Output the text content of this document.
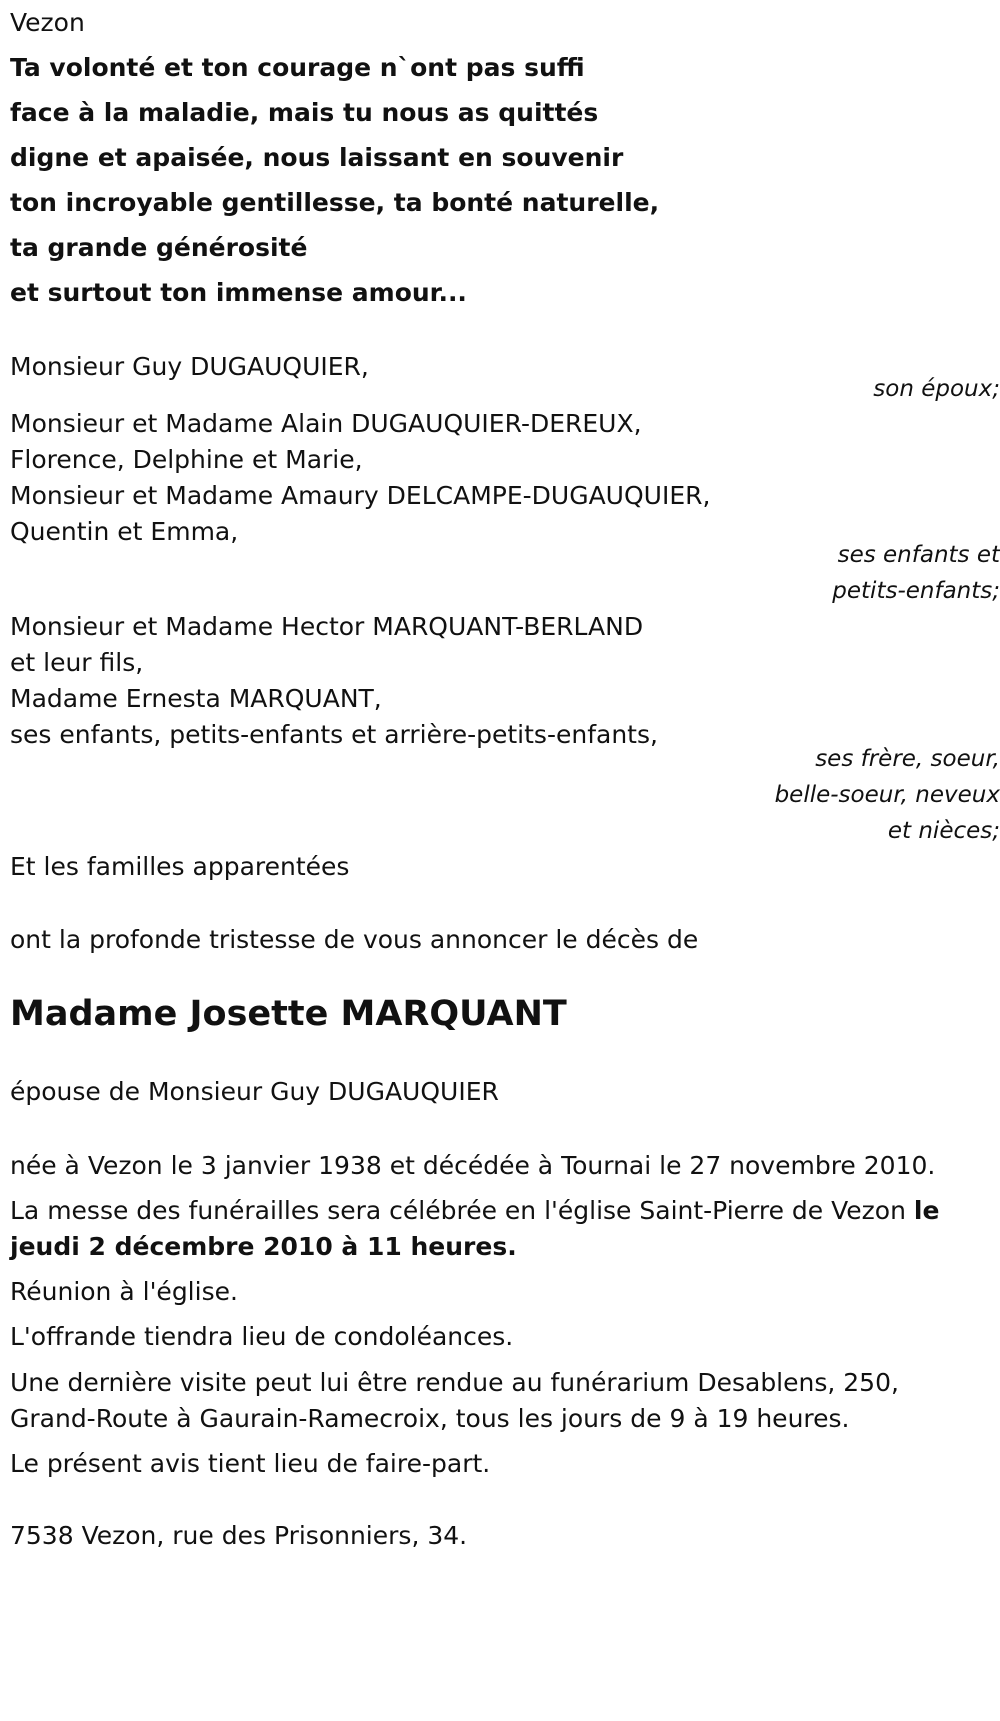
Vezon
Ta volonté et ton courage n`ont pas suffi
face à la maladie, mais tu nous as quittés
digne et apaisée, nous laissant en souvenir
ton incroyable gentillesse, ta bonté naturelle,
ta grande générosité
et surtout ton immense amour...
Monsieur Guy DUGAUQUIER,
son époux;
Monsieur et Madame Alain DUGAUQUIER-DEREUX,
Florence, Delphine et Marie,
Monsieur et Madame Amaury DELCAMPE-DUGAUQUIER,
Quentin et Emma,
ses enfants et
petits-enfants;
Monsieur et Madame Hector MARQUANT-BERLAND
et leur fils,
Madame Ernesta MARQUANT,
ses enfants, petits-enfants et arrière-petits-enfants,
ses frère, soeur,
belle-soeur, neveux
et nièces;
Et les familles apparentées
ont la profonde tristesse de vous annoncer le décès de
Madame Josette MARQUANT
épouse de Monsieur Guy DUGAUQUIER
née à Vezon le 3 janvier 1938 et décédée à Tournai le 27 novembre 2010.
La messe des funérailles sera célébrée en l'église Saint-Pierre de Vezon le
jeudi 2 décembre 2010 à 11 heures.
Réunion à l'église.
L'offrande tiendra lieu de condoléances.
Une dernière visite peut lui être rendue au funérarium Desablens, 250,
Grand-Route à Gaurain-Ramecroix, tous les jours de 9 à 19 heures.
Le présent avis tient lieu de faire-part.
7538 Vezon, rue des Prisonniers, 34.
